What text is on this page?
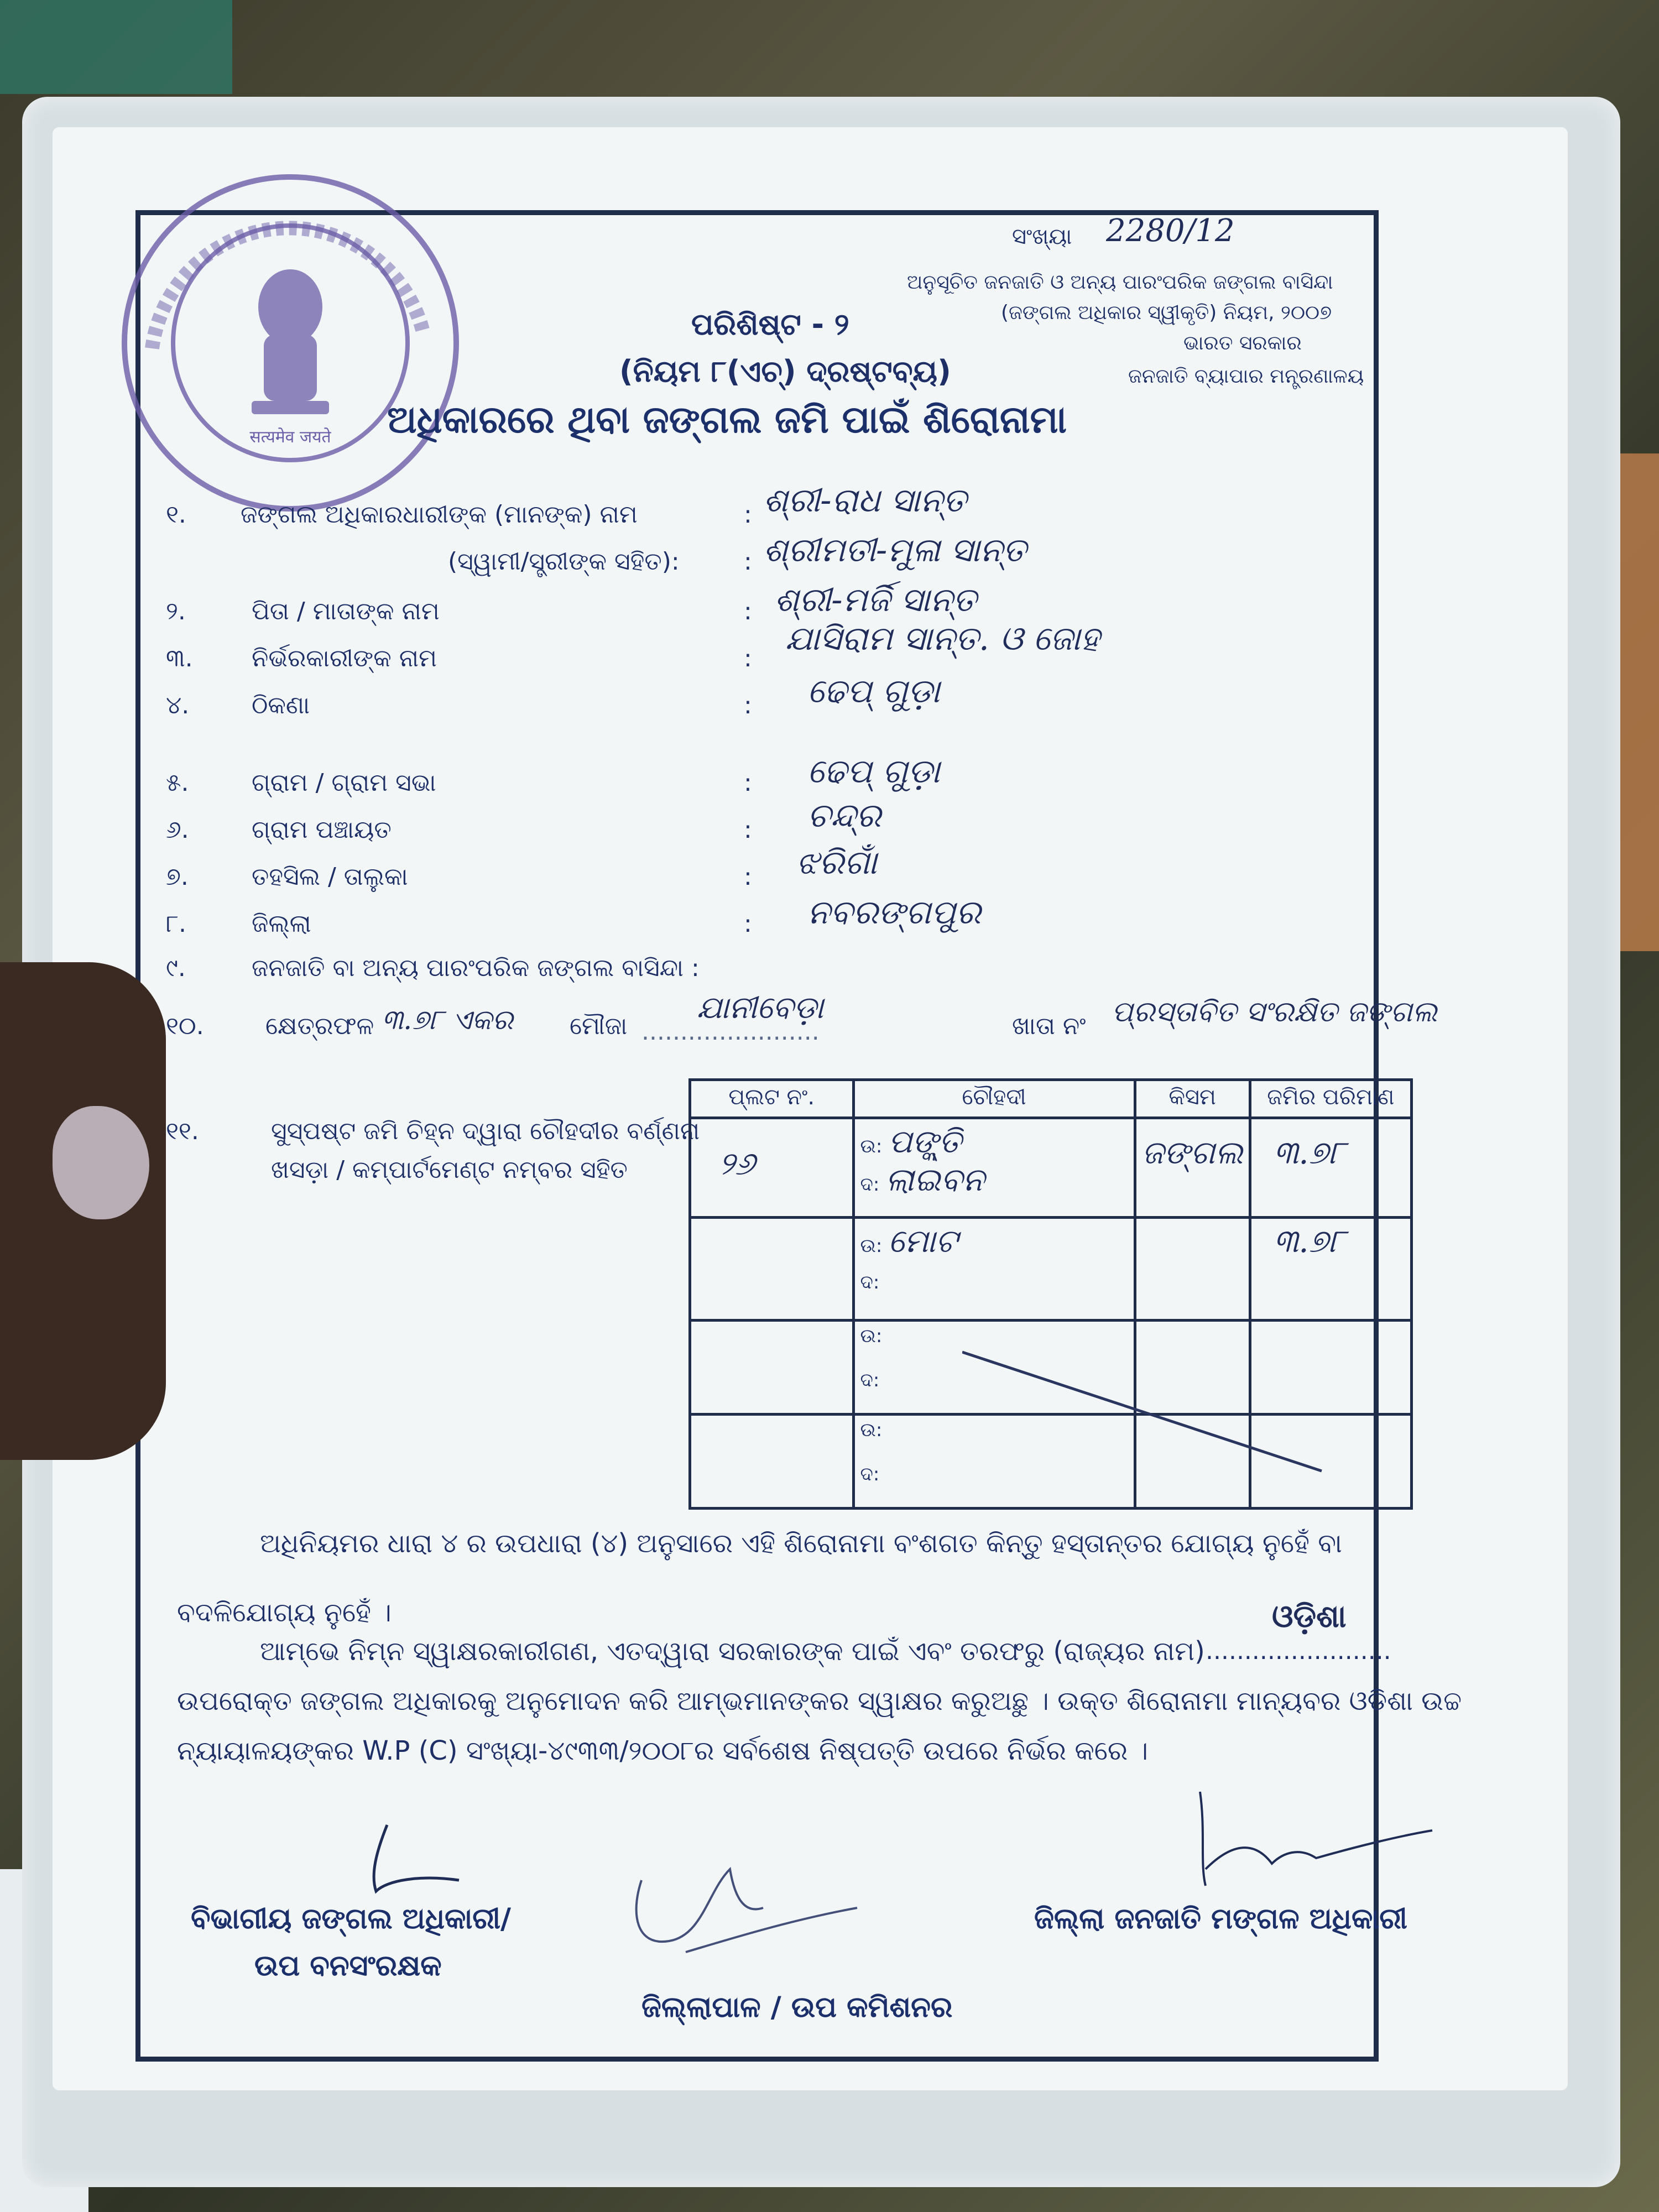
सत्यमेव जयते
ସଂଖ୍ୟା 2280/12
ଅନୁସୂଚିତ ଜନଜାତି ଓ ଅନ୍ୟ ପାରଂପରିକ ଜଙ୍ଗଲ ବାସିନ୍ଦା
(ଜଙ୍ଗଲ ଅଧିକାର ସ୍ୱୀକୃତି) ନିୟମ, ୨୦୦୭
ଭାରତ ସରକାର
ଜନଜାତି ବ୍ୟାପାର ମନ୍ତ୍ରଣାଳୟ
ପରିଶିଷ୍ଟ - ୨
(ନିୟମ ୮(ଏଚ୍) ଦ୍ରଷ୍ଟବ୍ୟ)
ଅଧିକାରରେ ଥିବା ଜଙ୍ଗଲ ଜମି ପାଇଁ ଶିରୋନାମା
୧. ଜଙ୍ଗଲ ଅଧିକାରଧାରୀଙ୍କ (ମାନଙ୍କ) ନାମ	: ଶ୍ରୀ-ରାଧ ସାନ୍ତ
(ସ୍ୱାମୀ/ସ୍ତ୍ରୀଙ୍କ ସହିତ):	: ଶ୍ରୀମତୀ-ମୁଳା ସାନ୍ତ
୨.	ପିତା / ମାତାଙ୍କ ନାମ	: ଶ୍ରୀ-ମର୍ଜି ସାନ୍ତ
୩. ନିର୍ଭରକାରୀଙ୍କ ନାମ	:
ଯାସିରାମ ସାନ୍ତ. ଓ ଜୋହ
୪.	ଠିକଣା	: ଢେପ୍ ଗୁଡ଼ା
୫.	ଗ୍ରାମ / ଗ୍ରାମ ସଭା	: ଢେପ୍ ଗୁଡ଼ା
୬.	ଗ୍ରାମ ପଞ୍ଚାୟତ	: ଚନ୍ଦ୍ର
୭.	ତହସିଲ / ତାଲୁକା	: ଝରିଗାଁ
୮.	ଜିଲ୍ଲା	: ନବରଙ୍ଗପୁର
୯.	ଜନଜାତି ବା ଅନ୍ୟ ପାରଂପରିକ ଜଙ୍ଗଲ ବାସିନ୍ଦା :
୧୦.	କ୍ଷେତ୍ରଫଳ ୩.୭୮ ଏକର ମୌଜା .......................
ଯାନୀବେଡ଼ା
ଖାତା ନଂ ପ୍ରସ୍ତାବିତ ସଂରକ୍ଷିତ ଜଙ୍ଗଲ
୧୧.	ସୁସ୍ପଷ୍ଟ ଜମି ଚିହ୍ନ ଦ୍ୱାରା ଚୌହଦୀର ବର୍ଣ୍ଣନା
ଖସଡ଼ା / କମ୍ପାର୍ଟମେଣ୍ଟ ନମ୍ବର ସହିତ
ପ୍ଲଟ ନଂ.	ଚୌହଦୀ	କିସମ	ଜମିର ପରିମାଣ

୨୬	ଉ: ପଙ୍କ୍ତି
ଦ: ଲାଇବନ	ଜଙ୍ଗଲ	୩.୭୮

	ଉ: ମୋଟ
ଦ:		୩.୭୮

	ଉ:
ଦ:		

	ଉ:
ଦ:		

ଅଧିନିୟମର ଧାରା ୪ ର ଉପଧାରା (୪) ଅନୁସାରେ ଏହି ଶିରୋନାମା ବଂଶଗତ କିନ୍ତୁ ହସ୍ତାନ୍ତର ଯୋଗ୍ୟ ନୁହେଁ ବା
ବଦଳିଯୋଗ୍ୟ ନୁହେଁ ।	ଓଡ଼ିଶା
ଆମ୍ଭେ ନିମ୍ନ ସ୍ୱାକ୍ଷରକାରୀଗଣ, ଏତଦ୍ୱାରା ସରକାରଙ୍କ ପାଇଁ ଏବଂ ତରଫରୁ (ରାଜ୍ୟର ନାମ) ........................
ଉପରୋକ୍ତ ଜଙ୍ଗଲ ଅଧିକାରକୁ ଅନୁମୋଦନ କରି ଆମ୍ଭମାନଙ୍କର ସ୍ୱାକ୍ଷର କରୁଅଛୁ । ଉକ୍ତ ଶିରୋନାମା ମାନ୍ୟବର ଓଡିଶା ଉଚ୍ଚ
ନ୍ୟାୟାଳୟଙ୍କର W.P (C) ସଂଖ୍ୟା-୪୯୩୩/୨୦୦୮ର ସର୍ବଶେଷ ନିଷ୍ପତ୍ତି ଉପରେ ନିର୍ଭର କରେ ।
ବିଭାଗୀୟ ଜଙ୍ଗଲ ଅଧିକାରୀ/
ଉପ ବନସଂରକ୍ଷକ
ଜିଲ୍ଲାପାଳ / ଉପ କମିଶନର
ଜିଲ୍ଲା ଜନଜାତି ମଙ୍ଗଳ ଅଧିକାରୀ
